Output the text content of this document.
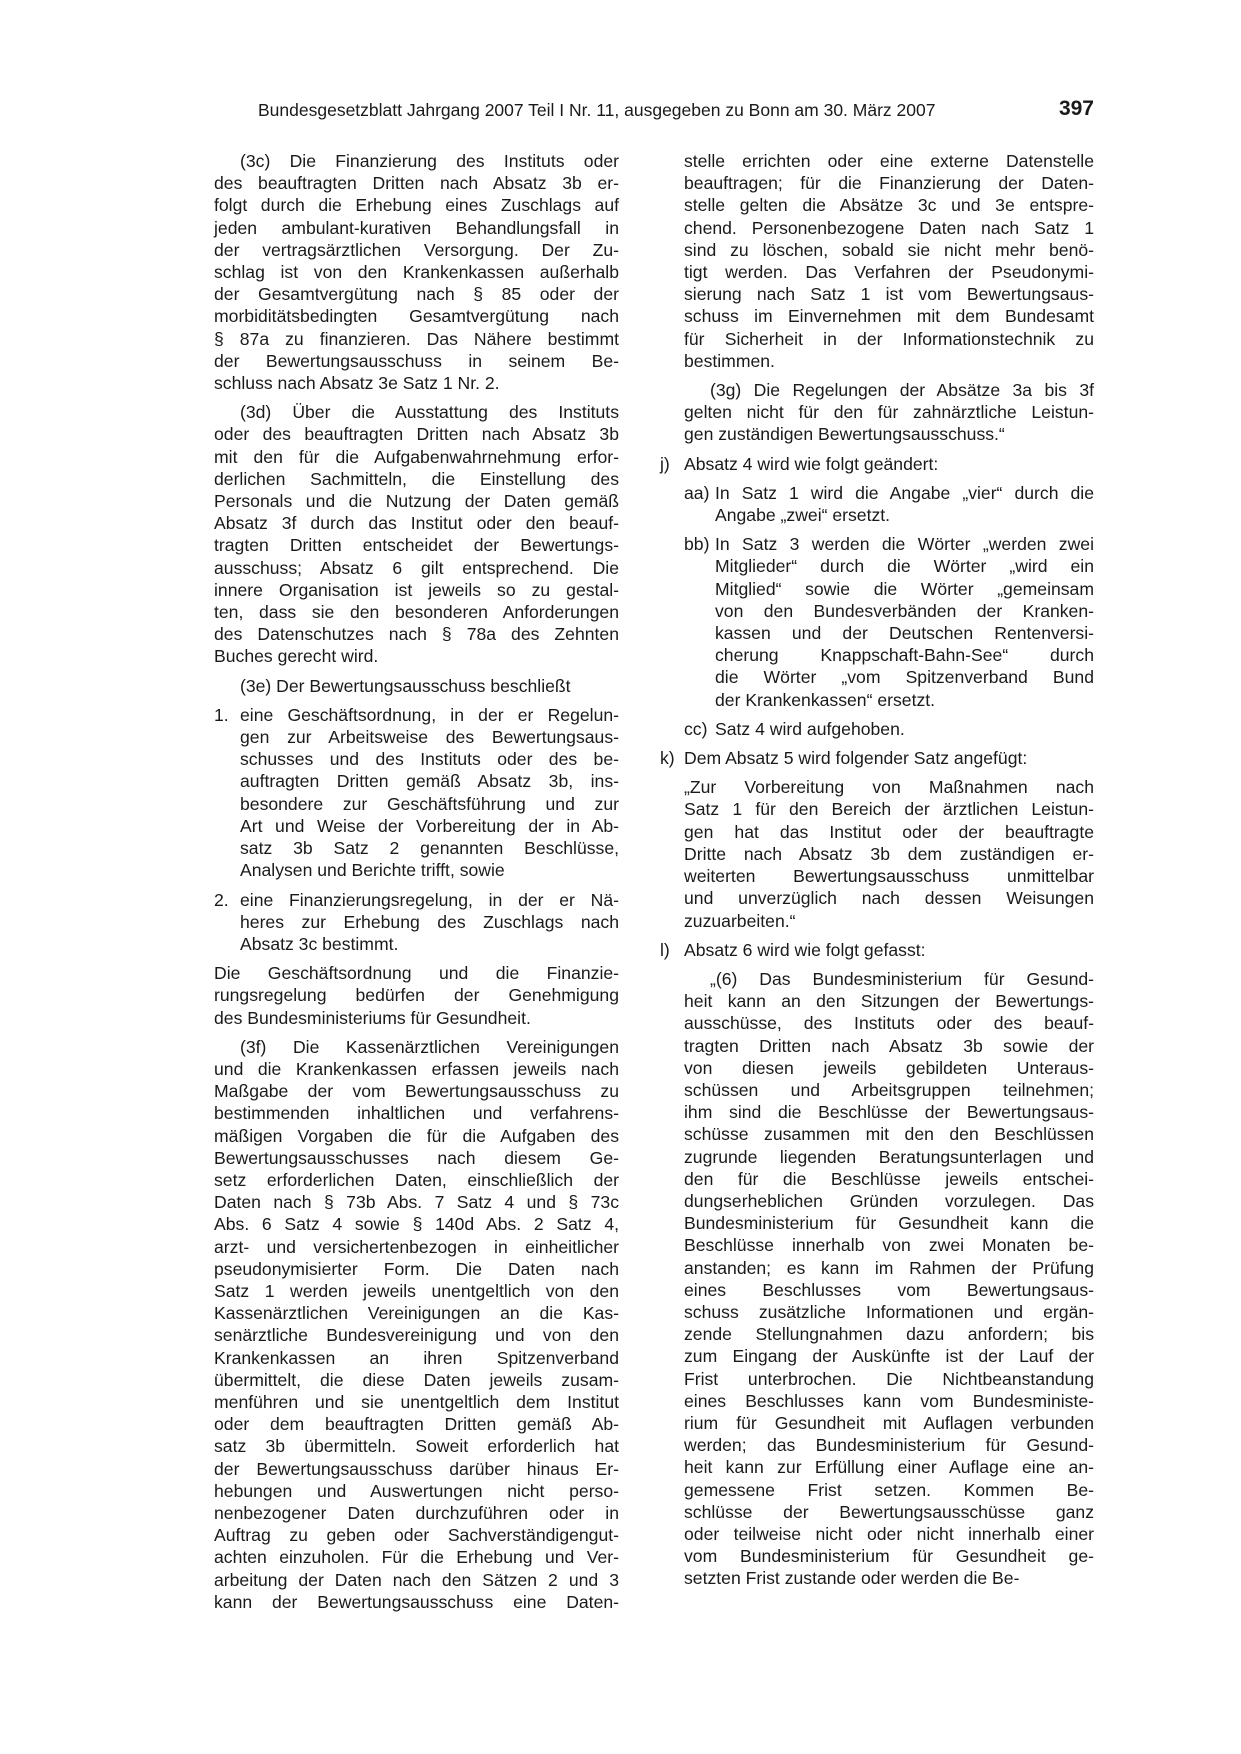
Bundesgesetzblatt Jahrgang 2007 Teil I Nr. 11, ausgegeben zu Bonn am 30. März 2007	397
(3c) Die Finanzierung des Instituts oder
des beauftragten Dritten nach Absatz 3b er-
folgt durch die Erhebung eines Zuschlags auf
jeden ambulant-kurativen Behandlungsfall in
der vertragsärztlichen Versorgung. Der Zu-
schlag ist von den Krankenkassen außerhalb
der Gesamtvergütung nach § 85 oder der
morbiditätsbedingten Gesamtvergütung nach
§ 87a zu finanzieren. Das Nähere bestimmt
der Bewertungsausschuss in seinem Be-
schluss nach Absatz 3e Satz 1 Nr. 2.
(3d) Über die Ausstattung des Instituts
oder des beauftragten Dritten nach Absatz 3b
mit den für die Aufgabenwahrnehmung erfor-
derlichen Sachmitteln, die Einstellung des
Personals und die Nutzung der Daten gemäß
Absatz 3f durch das Institut oder den beauf-
tragten Dritten entscheidet der Bewertungs-
ausschuss; Absatz 6 gilt entsprechend. Die
innere Organisation ist jeweils so zu gestal-
ten, dass sie den besonderen Anforderungen
des Datenschutzes nach § 78a des Zehnten
Buches gerecht wird.
(3e) Der Bewertungsausschuss beschließt
1. eine Geschäftsordnung, in der er Regelun-
gen zur Arbeitsweise des Bewertungsaus-
schusses und des Instituts oder des be-
auftragten Dritten gemäß Absatz 3b, ins-
besondere zur Geschäftsführung und zur
Art und Weise der Vorbereitung der in Ab-
satz 3b Satz 2 genannten Beschlüsse,
Analysen und Berichte trifft, sowie
2. eine Finanzierungsregelung, in der er Nä-
heres zur Erhebung des Zuschlags nach
Absatz 3c bestimmt.
Die Geschäftsordnung und die Finanzie-
rungsregelung bedürfen der Genehmigung
des Bundesministeriums für Gesundheit.
(3f) Die Kassenärztlichen Vereinigungen
und die Krankenkassen erfassen jeweils nach
Maßgabe der vom Bewertungsausschuss zu
bestimmenden inhaltlichen und verfahrens-
mäßigen Vorgaben die für die Aufgaben des
Bewertungsausschusses nach diesem Ge-
setz erforderlichen Daten, einschließlich der
Daten nach § 73b Abs. 7 Satz 4 und § 73c
Abs. 6 Satz 4 sowie § 140d Abs. 2 Satz 4,
arzt- und versichertenbezogen in einheitlicher
pseudonymisierter Form. Die Daten nach
Satz 1 werden jeweils unentgeltlich von den
Kassenärztlichen Vereinigungen an die Kas-
senärztliche Bundesvereinigung und von den
Krankenkassen an ihren Spitzenverband
übermittelt, die diese Daten jeweils zusam-
menführen und sie unentgeltlich dem Institut
oder dem beauftragten Dritten gemäß Ab-
satz 3b übermitteln. Soweit erforderlich hat
der Bewertungsausschuss darüber hinaus Er-
hebungen und Auswertungen nicht perso-
nenbezogener Daten durchzuführen oder in
Auftrag zu geben oder Sachverständigengut-
achten einzuholen. Für die Erhebung und Ver-
arbeitung der Daten nach den Sätzen 2 und 3
kann der Bewertungsausschuss eine Daten-
stelle errichten oder eine externe Datenstelle
beauftragen; für die Finanzierung der Daten-
stelle gelten die Absätze 3c und 3e entspre-
chend. Personenbezogene Daten nach Satz 1
sind zu löschen, sobald sie nicht mehr benö-
tigt werden. Das Verfahren der Pseudonymi-
sierung nach Satz 1 ist vom Bewertungsaus-
schuss im Einvernehmen mit dem Bundesamt
für Sicherheit in der Informationstechnik zu
bestimmen.
(3g) Die Regelungen der Absätze 3a bis 3f
gelten nicht für den für zahnärztliche Leistun-
gen zuständigen Bewertungsausschuss.“
j) Absatz 4 wird wie folgt geändert:
aa) In Satz 1 wird die Angabe „vier“ durch die
Angabe „zwei“ ersetzt.
bb) In Satz 3 werden die Wörter „werden zwei
Mitglieder“ durch die Wörter „wird ein
Mitglied“ sowie die Wörter „gemeinsam
von den Bundesverbänden der Kranken-
kassen und der Deutschen Rentenversi-
cherung Knappschaft-Bahn-See“ durch
die Wörter „vom Spitzenverband Bund
der Krankenkassen“ ersetzt.
cc) Satz 4 wird aufgehoben.
k) Dem Absatz 5 wird folgender Satz angefügt:
„Zur Vorbereitung von Maßnahmen nach
Satz 1 für den Bereich der ärztlichen Leistun-
gen hat das Institut oder der beauftragte
Dritte nach Absatz 3b dem zuständigen er-
weiterten Bewertungsausschuss unmittelbar
und unverzüglich nach dessen Weisungen
zuzuarbeiten.“
l) Absatz 6 wird wie folgt gefasst:
„(6) Das Bundesministerium für Gesund-
heit kann an den Sitzungen der Bewertungs-
ausschüsse, des Instituts oder des beauf-
tragten Dritten nach Absatz 3b sowie der
von diesen jeweils gebildeten Unteraus-
schüssen und Arbeitsgruppen teilnehmen;
ihm sind die Beschlüsse der Bewertungsaus-
schüsse zusammen mit den den Beschlüssen
zugrunde liegenden Beratungsunterlagen und
den für die Beschlüsse jeweils entschei-
dungserheblichen Gründen vorzulegen. Das
Bundesministerium für Gesundheit kann die
Beschlüsse innerhalb von zwei Monaten be-
anstanden; es kann im Rahmen der Prüfung
eines Beschlusses vom Bewertungsaus-
schuss zusätzliche Informationen und ergän-
zende Stellungnahmen dazu anfordern; bis
zum Eingang der Auskünfte ist der Lauf der
Frist unterbrochen. Die Nichtbeanstandung
eines Beschlusses kann vom Bundesministe-
rium für Gesundheit mit Auflagen verbunden
werden; das Bundesministerium für Gesund-
heit kann zur Erfüllung einer Auflage eine an-
gemessene Frist setzen. Kommen Be-
schlüsse der Bewertungsausschüsse ganz
oder teilweise nicht oder nicht innerhalb einer
vom Bundesministerium für Gesundheit ge-
setzten Frist zustande oder werden die Be-
